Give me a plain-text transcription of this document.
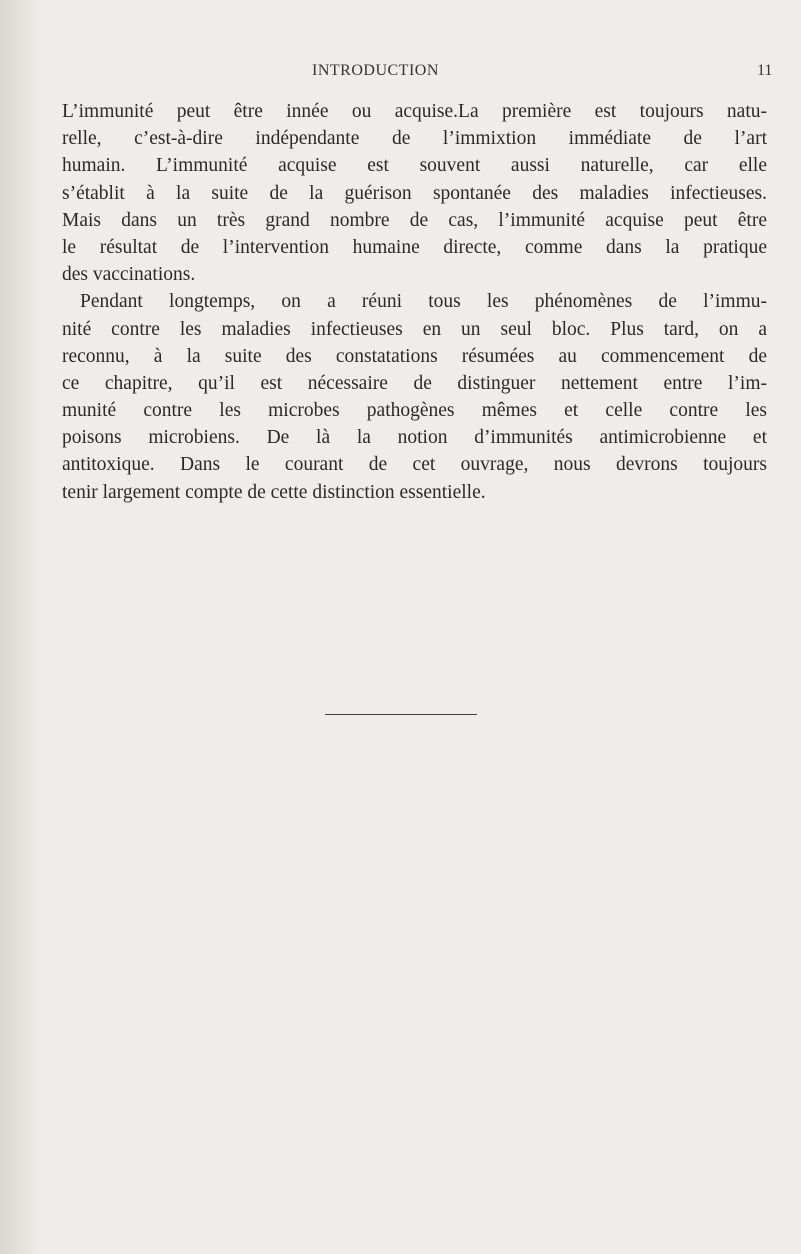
INTRODUCTION	11
L’immunité peut être innée ou acquise.La première est toujours natu-
relle, c’est-à-dire indépendante de l’immixtion immédiate de l’art
humain. L’immunité acquise est souvent aussi naturelle, car elle
s’établit à la suite de la guérison spontanée des maladies infectieuses.
Mais dans un très grand nombre de cas, l’immunité acquise peut être
le résultat de l’intervention humaine directe, comme dans la pratique
des vaccinations.
Pendant longtemps, on a réuni tous les phénomènes de l’immu-
nité contre les maladies infectieuses en un seul bloc. Plus tard, on a
reconnu, à la suite des constatations résumées au commencement de
ce chapitre, qu’il est nécessaire de distinguer nettement entre l’im-
munité contre les microbes pathogènes mêmes et celle contre les
poisons microbiens. De là la notion d’immunités antimicrobienne et
antitoxique. Dans le courant de cet ouvrage, nous devrons toujours
tenir largement compte de cette distinction essentielle.
